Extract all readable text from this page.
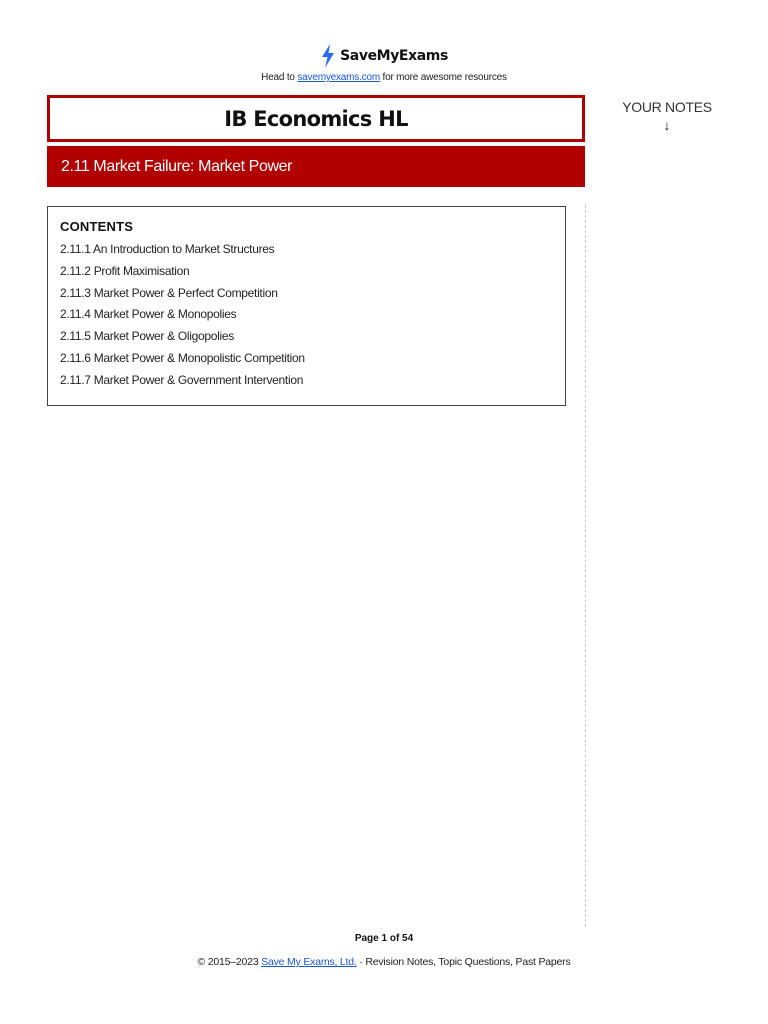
SaveMyExams
Head to savemyexams.com for more awesome resources
IB Economics HL
2.11 Market Failure: Market Power
YOUR NOTES
↓
CONTENTS
2.11.1 An Introduction to Market Structures
2.11.2 Profit Maximisation
2.11.3 Market Power & Perfect Competition
2.11.4 Market Power & Monopolies
2.11.5 Market Power & Oligopolies
2.11.6 Market Power & Monopolistic Competition
2.11.7 Market Power & Government Intervention
Page 1 of 54
© 2015–2023 Save My Exams, Ltd. · Revision Notes, Topic Questions, Past Papers
